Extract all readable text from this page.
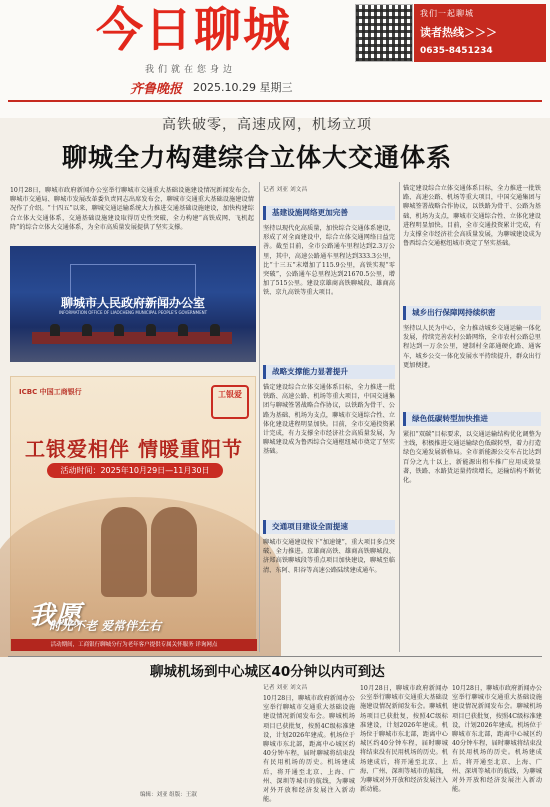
今日聊城
我们就在您身边
齐鲁晚报 2025.10.29 星期三
我们一起聊城
读者热线＞＞＞
0635-8451234
高铁破零，高速成网，机场立项
聊城全力构建综合立体大交通体系
10月28日，聊城市政府新闻办公室举行聊城市交通重大基础设施建设情况新闻发布会。聊城市交通局、聊城市发展改革委负责同志出席发布会，聊城市交通重大基础设施建设情况作了介绍。“十四五”以来，聊城交通运输系统大力推进交通基础设施建设，加快构建综合立体大交通体系，交通基础设施建设取得历史性突破，全力构建“高铁成网、飞机起降”的综合立体大交通体系，为全市高质量发展提供了坚实支撑。
聊城市人民政府新闻办公室
INFORMATION OFFICE OF LIAOCHENG MUNICIPAL PEOPLE'S GOVERNMENT
ICBC 中国工商银行	工银爱
工银爱相伴 情暖重阳节
活动时间：2025年10月29日—11月30日
我愿
时光不老 爱常伴左右
活动期间，工商银行聊城分行为老年客户提供专属关怀服务 详询网点
记者 刘亚 刘文昌
基建设施网络更加完善
坚持以现代化高质量，加快综合交通体系建设，形成了对全面建设中，综合立体交通网络日益完善。截至目前，全市公路通车里程达到2.3万公里，其中，高速公路通车里程达到333.3公里，比“十三五”末增加了115.9公里，高铁实现“零突破”，公路通车总里程达到21670.5公里，增加了515公里。建设京雄商高铁聊城段、雄商高铁、京九高铁等重大项目。
战略支撑能力显著提升
锚定建设综合立体交通体系目标，全力推进一批铁路、高速公路、机场等重大项目，中国交通集团与聊城签署战略合作协议，以铁路为骨干、公路为基础、机场为支点，聊城市交通综合性、立体化建设进程明显加快。目前，全市交通投资累计完成，有力支撑全市经济社会高质量发展，为聊城建设成为鲁西综合交通枢纽城市奠定了坚实基础。
交通项目建设全面提速
聊城市交通建设按下“加速键”，重大项目多点突破，全力推进。京雄商高铁、雄商高铁聊城段、济郑高铁聊城段等重点项目加快建设，聊城至临清、东阿、阳谷等高速公路陆续建成通车。
锚定建设综合立体交通体系目标，全力推进一批铁路、高速公路、机场等重大项目，中国交通集团与聊城签署战略合作协议，以铁路为骨干、公路为基础、机场为支点，聊城市交通综合性、立体化建设进程明显加快。目前，全市交通投资累计完成，有力支撑全市经济社会高质量发展，为聊城建设成为鲁西综合交通枢纽城市奠定了坚实基础。
城乡出行保障网持续织密
坚持以人民为中心，全力推动城乡交通运输一体化发展，持续完善农村公路网络，全市农村公路总里程达到一万余公里，建制村全部通硬化路、通客车，城乡公交一体化发展水平持续提升，群众出行更加便捷。
绿色低碳转型加快推进
紧扣“双碳”目标要求，以交通运输结构优化调整为主线，积极推进交通运输绿色低碳转型，着力打造绿色交通发展新格局。全市新能源公交车占比达到百分之九十以上，新能源出租车推广应用成效显著，铁路、水路货运量持续增长，运输结构不断优化。
聊城机场到中心城区40分钟以内可到达
记者 刘亚 刘文昌
10月28日，聊城市政府新闻办公室举行聊城市交通重大基础设施建设情况新闻发布会。聊城机场项目已获批复，按照4C级标准建设，计划2026年建成。机场位于聊城市东北部，距离中心城区约40分钟车程，届时聊城将结束没有民用机场的历史。机场建成后，将开通至北京、上海、广州、深圳等城市的航线，为聊城对外开放和经济发展注入新动能。
10月28日，聊城市政府新闻办公室举行聊城市交通重大基础设施建设情况新闻发布会。聊城机场项目已获批复，按照4C级标准建设，计划2026年建成。机场位于聊城市东北部，距离中心城区约40分钟车程，届时聊城将结束没有民用机场的历史。机场建成后，将开通至北京、上海、广州、深圳等城市的航线，为聊城对外开放和经济发展注入新动能。
10月28日，聊城市政府新闻办公室举行聊城市交通重大基础设施建设情况新闻发布会。聊城机场项目已获批复，按照4C级标准建设，计划2026年建成。机场位于聊城市东北部，距离中心城区约40分钟车程，届时聊城将结束没有民用机场的历史。机场建成后，将开通至北京、上海、广州、深圳等城市的航线，为聊城对外开放和经济发展注入新动能。
编辑：刘亚 组版：王淑
